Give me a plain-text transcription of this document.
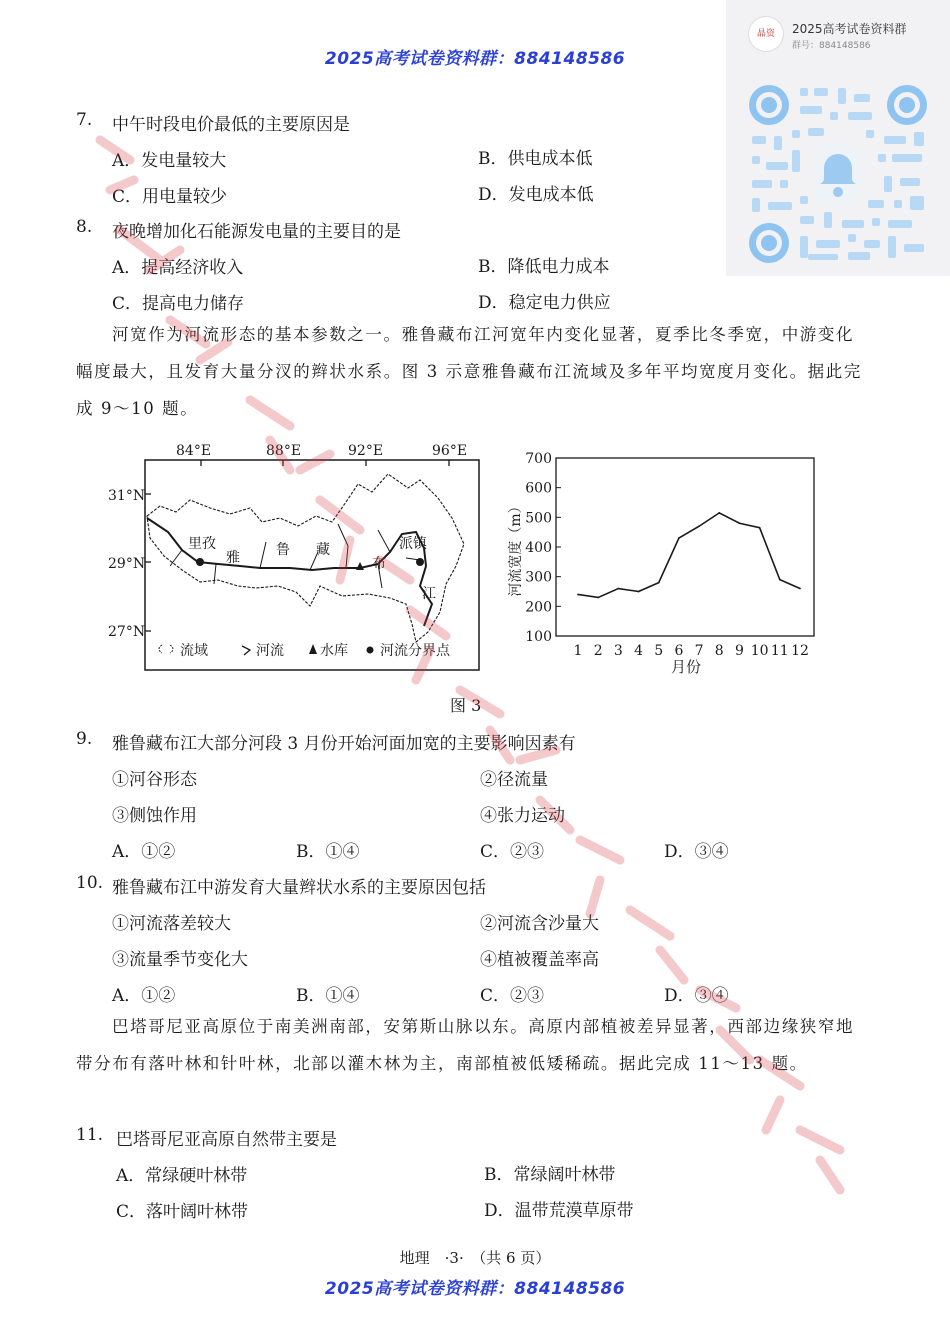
2025高考试卷资料群：884148586
晶资	2025高考试卷资料群
群号：884148586
7. 中午时段电价最低的主要原因是
A．发电量较大	B．供电成本低
C．用电量较少	D．发电成本低
8. 夜晚增加化石能源发电量的主要目的是
A．提高经济收入	B．降低电力成本
C．提高电力储存	D．稳定电力供应
河宽作为河流形态的基本参数之一。雅鲁藏布江河宽年内变化显著，夏季比冬季宽，中游变化幅度最大，且发育大量分汊的辫状水系。图 3 示意雅鲁藏布江流域及多年平均宽度月变化。据此完成 9～10 题。
84°E	88°E	92°E	96°E
31°N
29°N
27°N
里孜	派镇
雅	鲁 藏
布
江
流域	河流	水库 河流分界点
100
200
300
400
500
600
700
1 2 3 4 5 6 7 8 9 10 11 12
月份
河流宽度（m）
图 3
9. 雅鲁藏布江大部分河段 3 月份开始河面加宽的主要影响因素有
①河谷形态	②径流量
③侧蚀作用	④张力运动
A．①②	B．①④	C．②③	D．③④
10. 雅鲁藏布江中游发育大量辫状水系的主要原因包括
①河流落差较大	②河流含沙量大
③流量季节变化大	④植被覆盖率高
A．①②	B．①④	C．②③	D．③④
巴塔哥尼亚高原位于南美洲南部，安第斯山脉以东。高原内部植被差异显著，西部边缘狭窄地带分布有落叶林和针叶林，北部以灌木林为主，南部植被低矮稀疏。据此完成 11～13 题。
11. 巴塔哥尼亚高原自然带主要是
A．常绿硬叶林带	B．常绿阔叶林带
C．落叶阔叶林带	D．温带荒漠草原带
地理　·3·　（共 6 页）
2025高考试卷资料群：884148586
